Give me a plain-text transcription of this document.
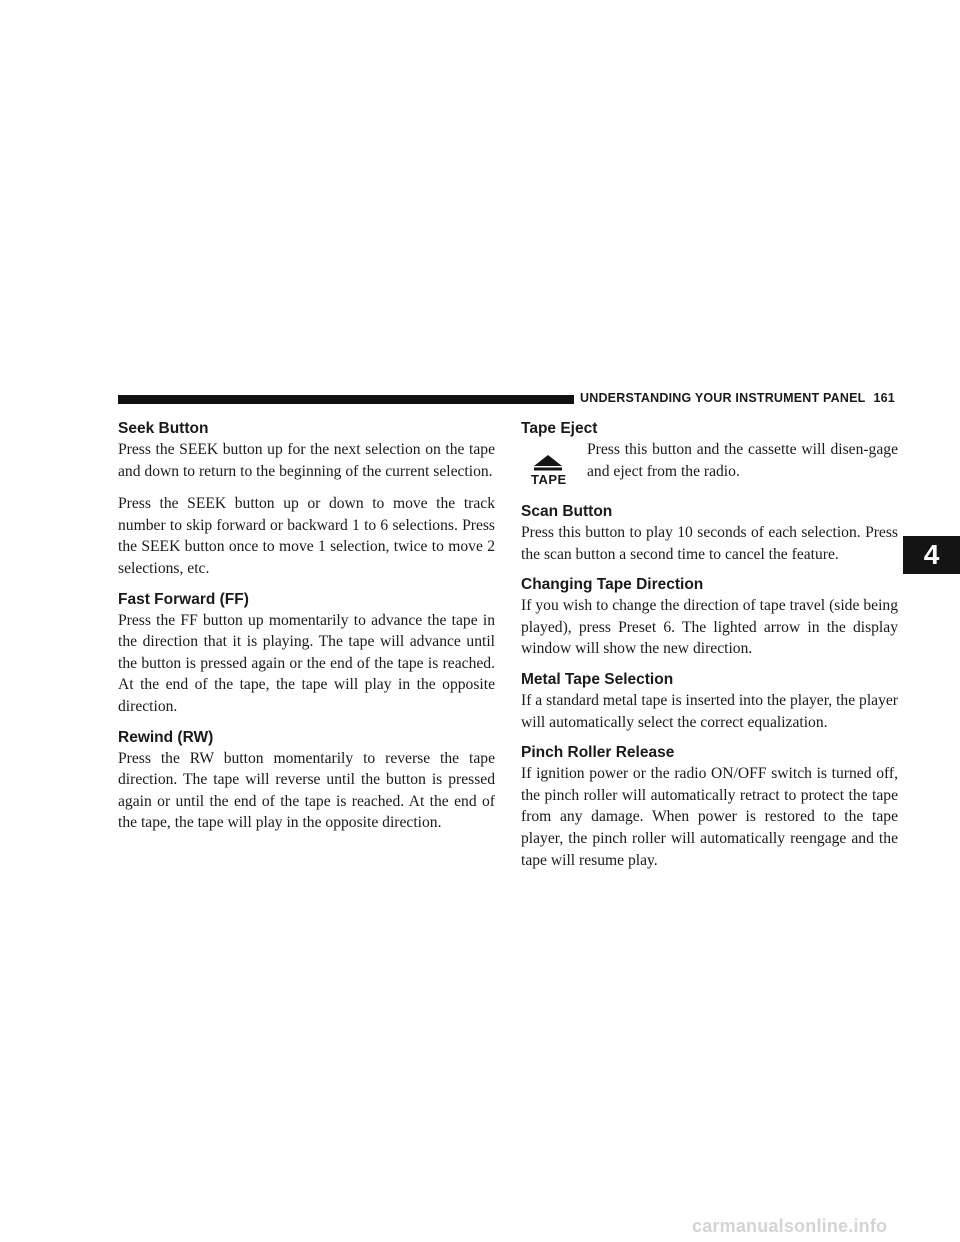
UNDERSTANDING YOUR INSTRUMENT PANEL 161
Seek Button

Press the SEEK button up for the next selection on the tape and down to return to the beginning of the current selection.

Press the SEEK button up or down to move the track number to skip forward or backward 1 to 6 selections. Press the SEEK button once to move 1 selection, twice to move 2 selections, etc.

Fast Forward (FF)

Press the FF button up momentarily to advance the tape in the direction that it is playing. The tape will advance until the button is pressed again or the end of the tape is reached. At the end of the tape, the tape will play in the opposite direction.

Rewind (RW)

Press the RW button momentarily to reverse the tape direction. The tape will reverse until the button is pressed again or until the end of the tape is reached. At the end of the tape, the tape will play in the opposite direction.

Tape Eject
TAPE

Press this button and the cassette will disen-gage and eject from the radio.

Scan Button

Press this button to play 10 seconds of each selection. Press the scan button a second time to cancel the feature.

Changing Tape Direction

If you wish to change the direction of tape travel (side being played), press Preset 6. The lighted arrow in the display window will show the new direction.

Metal Tape Selection

If a standard metal tape is inserted into the player, the player will automatically select the correct equalization.

Pinch Roller Release

If ignition power or the radio ON/OFF switch is turned off, the pinch roller will automatically retract to protect the tape from any damage. When power is restored to the tape player, the pinch roller will automatically reengage and the tape will resume play.

4
carmanualsonline.info
